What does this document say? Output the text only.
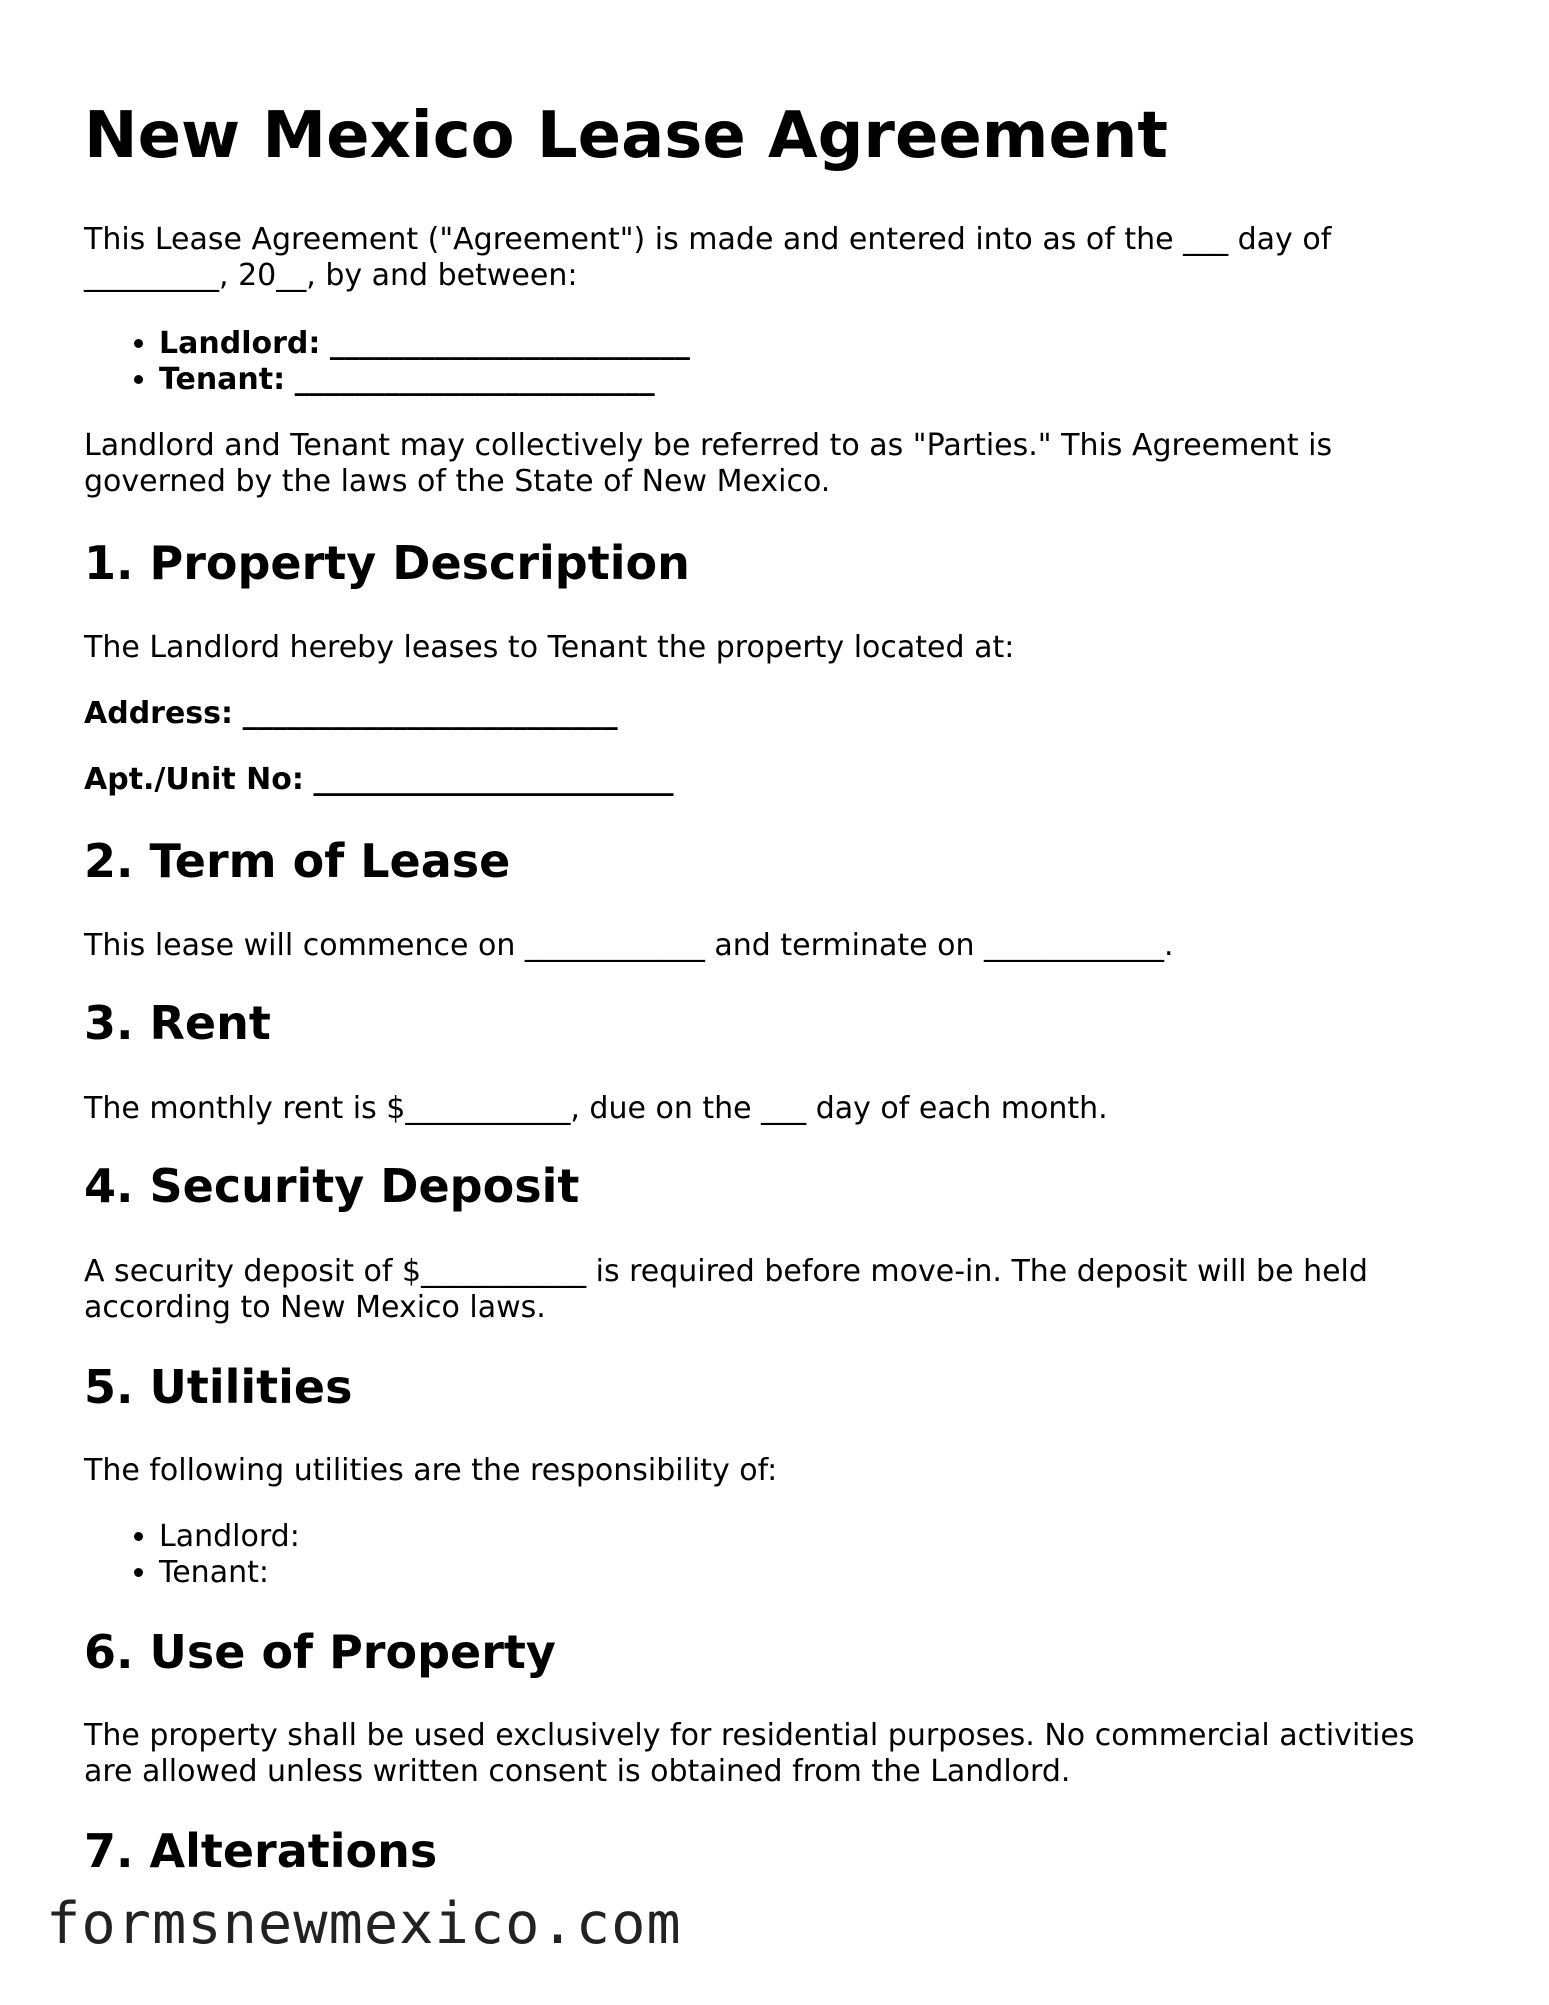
New Mexico Lease Agreement

This Lease Agreement ("Agreement") is made and entered into as of the ___ day of
_________, 20__, by and between:

• Landlord: ________________________
• Tenant: ________________________

Landlord and Tenant may collectively be referred to as "Parties." This Agreement is governed by the laws of the State of New Mexico.

1. Property Description

The Landlord hereby leases to Tenant the property located at:

Address: _________________________

Apt./Unit No: ________________________

2. Term of Lease

This lease will commence on ____________ and terminate on ____________.

3. Rent

The monthly rent is $___________, due on the ___ day of each month.

4. Security Deposit

A security deposit of $___________ is required before move-in. The deposit will be held according to New Mexico laws.

5. Utilities

The following utilities are the responsibility of:

• Landlord:
• Tenant:
6. Use of Property

The property shall be used exclusively for residential purposes. No commercial activities are allowed unless written consent is obtained from the Landlord.

7. Alterations
formsnewmexico.com
